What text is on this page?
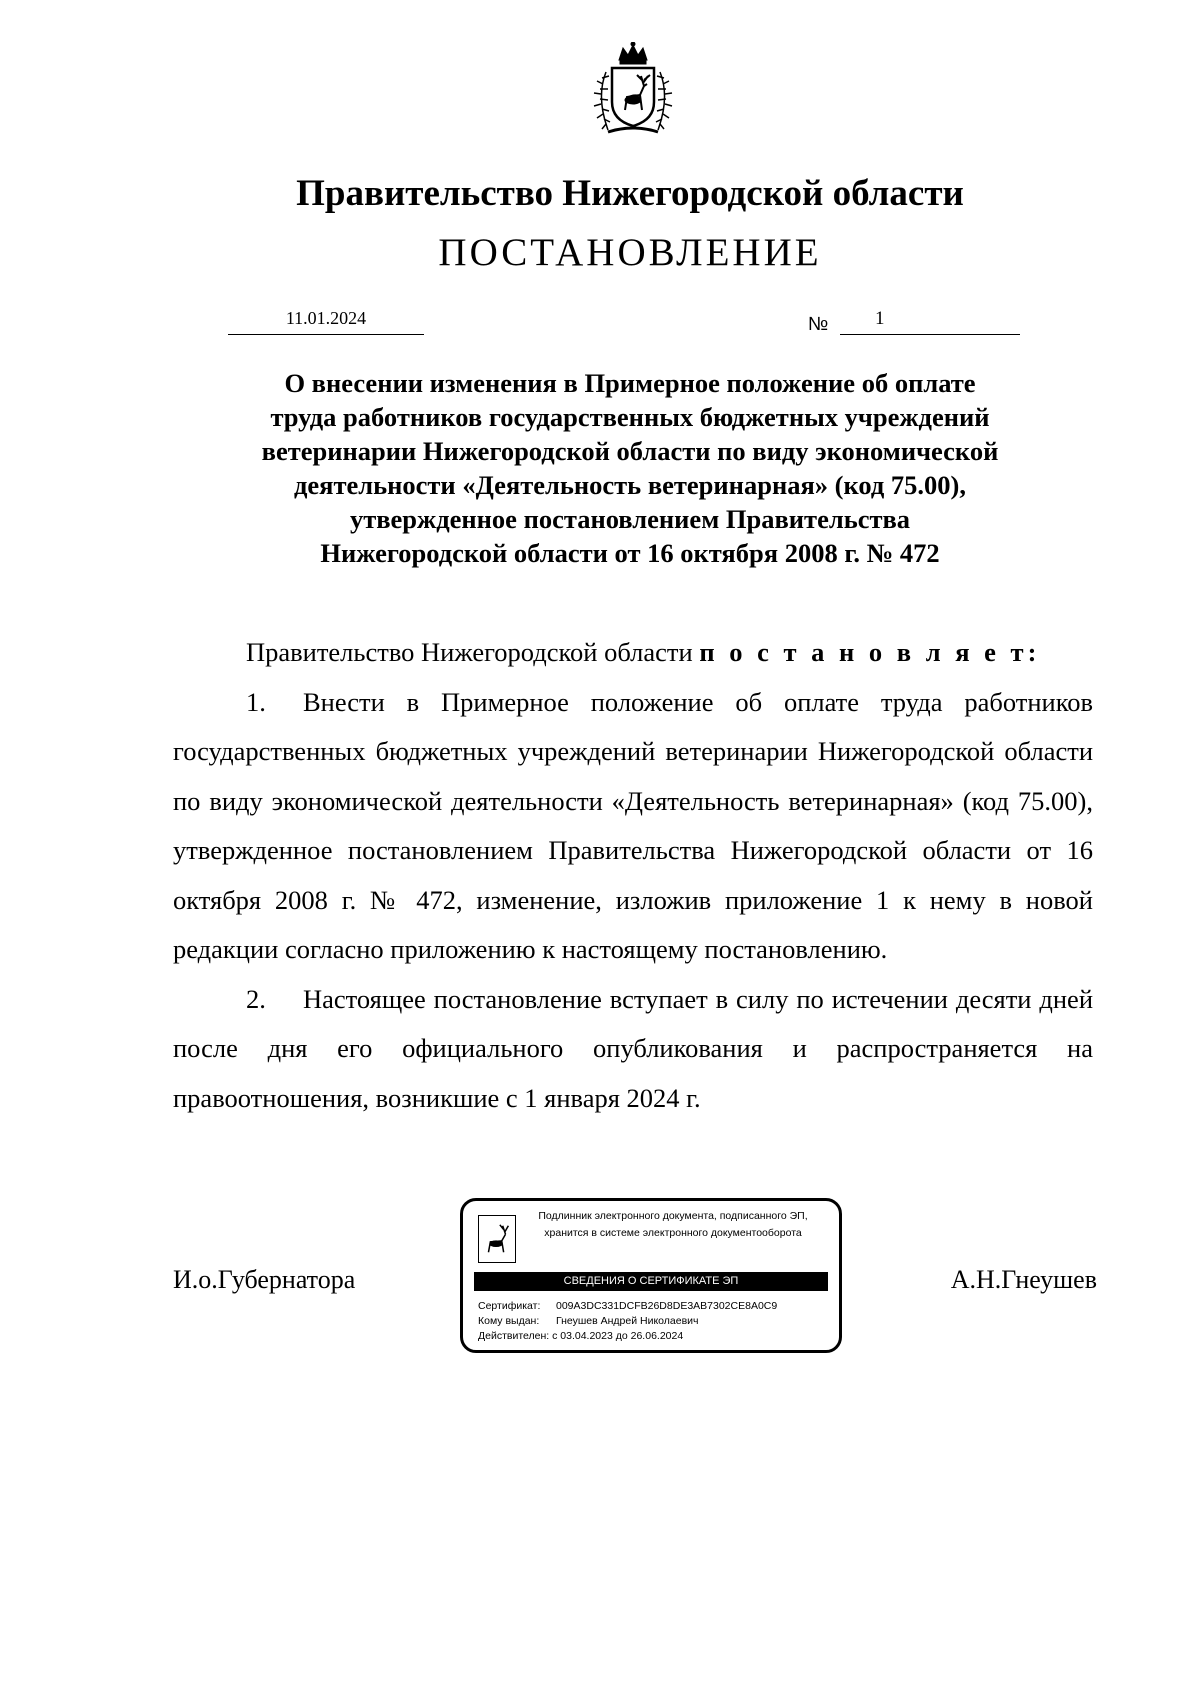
Правительство Нижегородской области
ПОСТАНОВЛЕНИЕ
11.01.2024	№ 1
О внесении изменения в Примерное положение об оплате
труда работников государственных бюджетных учреждений
ветеринарии Нижегородской области по виду экономической
деятельности «Деятельность ветеринарная» (код 75.00),
утвержденное постановлением Правительства
Нижегородской области от 16 октября 2008 г. № 472

Правительство Нижегородской области п о с т а н о в л я е т:

1. Внести в Примерное положение об оплате труда работников государственных бюджетных учреждений ветеринарии Нижегородской области по виду экономической деятельности «Деятельность ветеринарная» (код 75.00), утвержденное постановлением Правительства Нижегородской области от 16 октября 2008 г. № 472, изменение, изложив приложение 1 к нему в новой редакции согласно приложению к настоящему постановлению.

2. Настоящее постановление вступает в силу по истечении десяти дней после дня его официального опубликования и распространяется на правоотношения, возникшие с 1 января 2024 г.

И.о.Губернатора	А.Н.Гнеушев
Подлинник электронного документа, подписанного ЭП,
хранится в системе электронного документооборота
СВЕДЕНИЯ О СЕРТИФИКАТЕ ЭП
Сертификат: 009A3DC331DCFB26D8DE3AB7302CE8A0C9
Кому выдан: Гнеушев Андрей Николаевич
Действителен: с 03.04.2023 до 26.06.2024
